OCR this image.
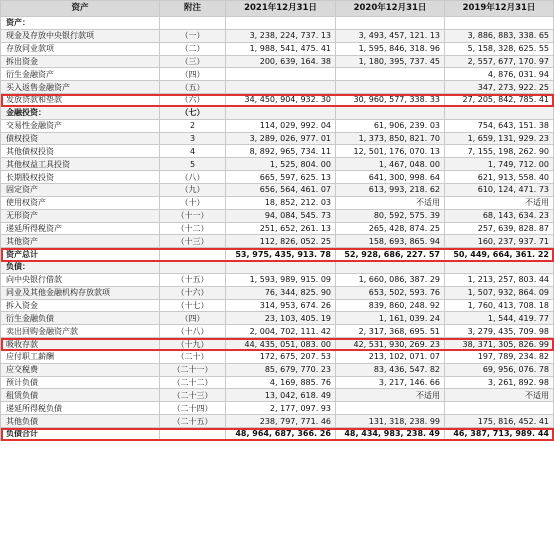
资产	附注	2021年12月31日	2020年12月31日	2019年12月31日
资产：				
现金及存放中央银行款项	（一）	3, 238, 224, 737. 13	3, 493, 457, 121. 13	3, 886, 883, 338. 65
存放同业款项	（二）	1, 988, 541, 475. 41	1, 595, 846, 318. 96	5, 158, 328, 625. 55
拆出资金	（三）	200, 639, 164. 38	1, 180, 395, 737. 45	2, 557, 677, 170. 97
衍生金融资产	（四）			4, 876, 031. 94
买入返售金融资产	（五）			347, 273, 922. 25
发放贷款和垫款	（六）	34, 450, 904, 932. 30	30, 960, 577, 338. 33	27, 205, 842, 785. 41
金融投资：	（七）			
交易性金融资产	2	114, 029, 992. 04	61, 906, 239. 03	754, 643, 151. 38
债权投资	3	3, 289, 026, 977. 01	1, 373, 850, 821. 70	1, 659, 131, 929. 23
其他债权投资	4	8, 892, 965, 734. 11	12, 501, 176, 070. 13	7, 155, 198, 262. 90
其他权益工具投资	5	1, 525, 804. 00	1, 467, 048. 00	1, 749, 712. 00
长期股权投资	（八）	665, 597, 625. 13	641, 300, 998. 64	621, 913, 558. 40
固定资产	（九）	656, 564, 461. 07	613, 993, 218. 62	610, 124, 471. 73
使用权资产	（十）	18, 852, 212. 03	不适用	不适用
无形资产	（十一）	94, 084, 545. 73	80, 592, 575. 39	68, 143, 634. 23
递延所得税资产	（十二）	251, 652, 261. 13	265, 428, 874. 25	257, 639, 828. 87
其他资产	（十三）	112, 826, 052. 25	158, 693, 865. 94	160, 237, 937. 71
资产总计		53, 975, 435, 913. 78	52, 928, 686, 227. 57	50, 449, 664, 361. 22
负债：				
向中央银行借款	（十五）	1, 593, 989, 915. 09	1, 660, 086, 387. 29	1, 213, 257, 803. 44
同业及其他金融机构存放款项	（十六）	76, 344, 825. 90	653, 502, 593. 76	1, 507, 932, 864. 09
拆入资金	（十七）	314, 953, 674. 26	839, 860, 248. 92	1, 760, 413, 708. 18
衍生金融负债	（四）	23, 103, 405. 19	1, 161, 039. 24	1, 544, 419. 77
卖出回购金融资产款	（十八）	2, 004, 702, 111. 42	2, 317, 368, 695. 51	3, 279, 435, 709. 98
吸收存款	（十九）	44, 435, 051, 083. 00	42, 531, 930, 269. 23	38, 371, 305, 826. 99
应付职工薪酬	（二十）	172, 675, 207. 53	213, 102, 071. 07	197, 789, 234. 82
应交税费	（二十一）	85, 679, 770. 23	83, 436, 547. 82	69, 956, 076. 78
预计负债	（二十二）	4, 169, 885. 76	3, 217, 146. 66	3, 261, 892. 98
租赁负债	（二十三）	13, 042, 618. 49	不适用	不适用
递延所得税负债	（二十四）	2, 177, 097. 93		
其他负债	（二十五）	238, 797, 771. 46	131, 318, 238. 99	175, 816, 452. 41
负债合计		48, 964, 687, 366. 26	48, 434, 983, 238. 49	46, 387, 713, 989. 44
